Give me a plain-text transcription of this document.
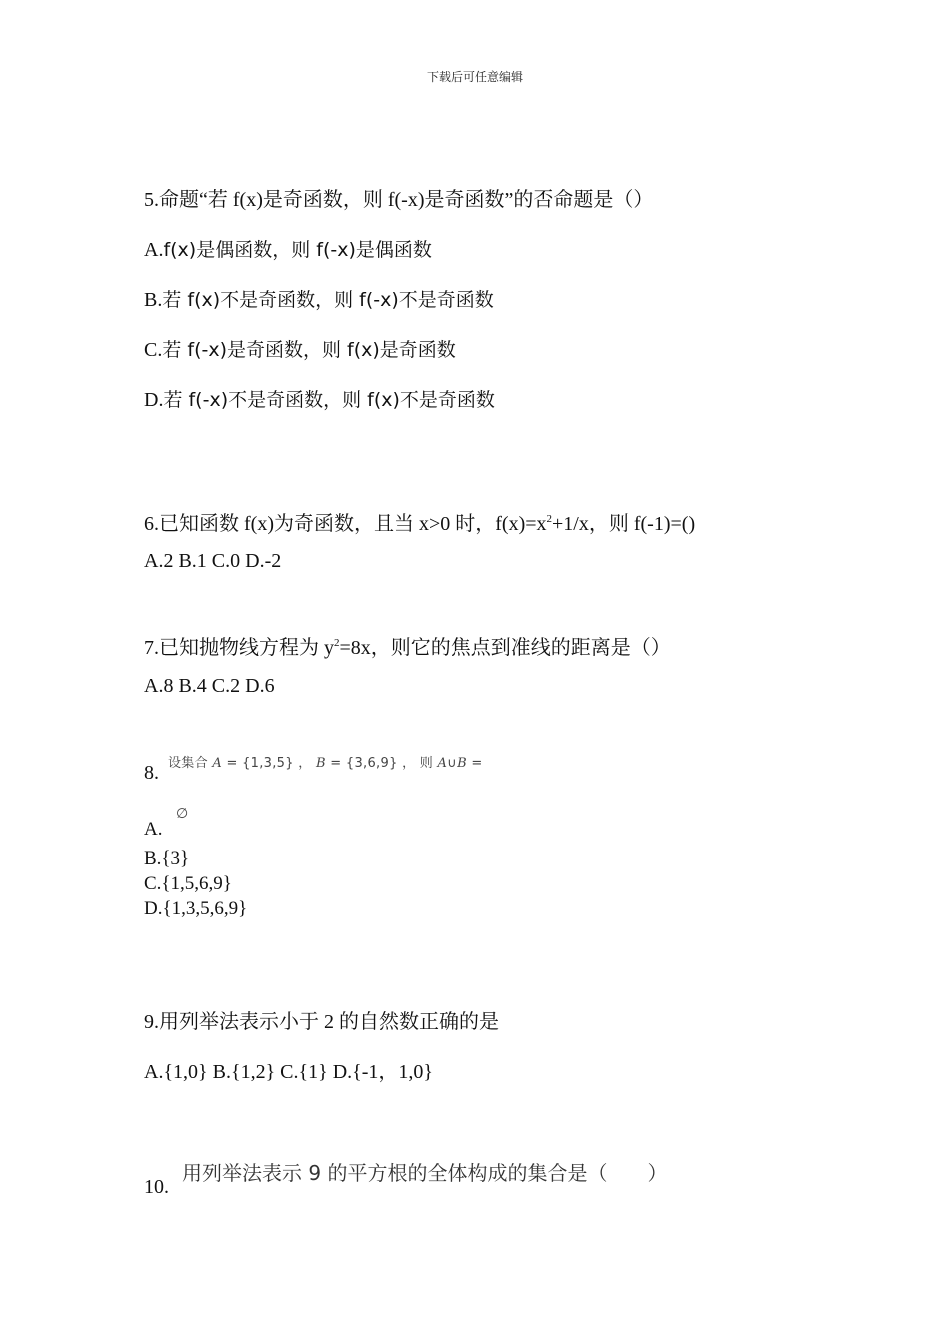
下载后可任意编辑
5.命题“若 f(x)是奇函数，则 f(-x)是奇函数”的否命题是（）
A.f(x)是偶函数，则 f(-x)是偶函数
B.若 f(x)不是奇函数，则 f(-x)不是奇函数
C.若 f(-x)是奇函数，则 f(x)是奇函数
D.若 f(-x)不是奇函数，则 f(x)不是奇函数
6.已知函数 f(x)为奇函数，且当 x>0 时，$f(x)=x^2+1/x$，则 f(-1)=()
A.2 B.1 C.0 D.-2
7.已知抛物线方程为 $y^2=8x$，则它的焦点到准线的距离是（）
A.8 B.4 C.2 D.6
8. 设集合 A = {1,3,5} ， B = {3,6,9} ， 则 A∪B =
A.
∅
B.{3}
C.{1,5,6,9}
D.{1,3,5,6,9}
9.用列举法表示小于 2 的自然数正确的是
A.{1,0} B.{1,2} C.{1} D.{-1，1,0}
10.
用列举法表示 9 的平方根的全体构成的集合是（　　）
